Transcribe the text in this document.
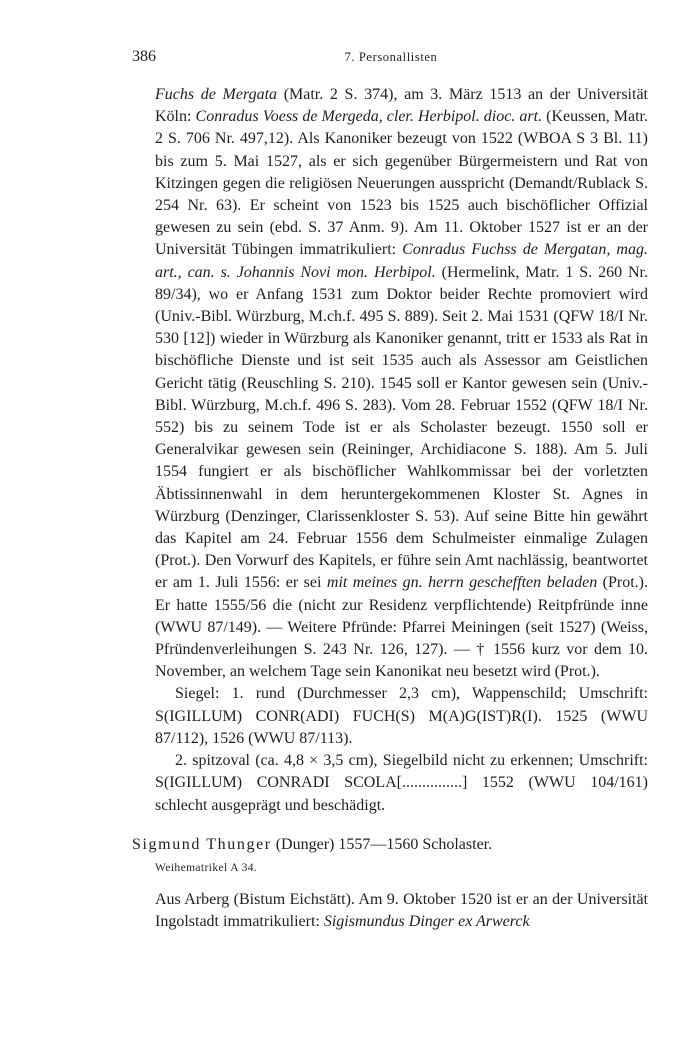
386	7. Personallisten

Fuchs de Mergata (Matr. 2 S. 374), am 3. März 1513 an der Universität Köln: Conradus Voess de Mergeda, cler. Herbipol. dioc. art. (Keussen, Matr. 2 S. 706 Nr. 497,12). Als Kanoniker bezeugt von 1522 (WBOA S 3 Bl. 11) bis zum 5. Mai 1527, als er sich gegenüber Bürgermeistern und Rat von Kitzingen gegen die religiösen Neuerungen ausspricht (Demandt/Rublack S. 254 Nr. 63). Er scheint von 1523 bis 1525 auch bischöflicher Offizial gewesen zu sein (ebd. S. 37 Anm. 9). Am 11. Oktober 1527 ist er an der Universität Tübingen immatrikuliert: Conradus Fuchss de Mergatan, mag. art., can. s. Johannis Novi mon. Herbipol. (Hermelink, Matr. 1 S. 260 Nr. 89/34), wo er Anfang 1531 zum Doktor beider Rechte promoviert wird (Univ.-Bibl. Würzburg, M.ch.f. 495 S. 889). Seit 2. Mai 1531 (QFW 18/I Nr. 530 [12]) wieder in Würzburg als Kanoniker genannt, tritt er 1533 als Rat in bischöfliche Dienste und ist seit 1535 auch als Assessor am Geistlichen Gericht tätig (Reuschling S. 210). 1545 soll er Kantor gewesen sein (Univ.-Bibl. Würzburg, M.ch.f. 496 S. 283). Vom 28. Februar 1552 (QFW 18/I Nr. 552) bis zu seinem Tode ist er als Scholaster bezeugt. 1550 soll er Generalvikar gewesen sein (Reininger, Archidiacone S. 188). Am 5. Juli 1554 fungiert er als bischöflicher Wahlkommissar bei der vorletzten Äbtissinnenwahl in dem heruntergekommenen Kloster St. Agnes in Würzburg (Denzinger, Clarissenkloster S. 53). Auf seine Bitte hin gewährt das Kapitel am 24. Februar 1556 dem Schulmeister einmalige Zulagen (Prot.). Den Vorwurf des Kapitels, er führe sein Amt nachlässig, beantwortet er am 1. Juli 1556: er sei mit meines gn. herrn geschefften beladen (Prot.). Er hatte 1555/56 die (nicht zur Residenz verpflichtende) Reitpfründe inne (WWU 87/149). — Weitere Pfründe: Pfarrei Meiningen (seit 1527) (Weiss, Pfründenverleihungen S. 243 Nr. 126, 127). — † 1556 kurz vor dem 10. November, an welchem Tage sein Kanonikat neu besetzt wird (Prot.).

Siegel: 1. rund (Durchmesser 2,3 cm), Wappenschild; Umschrift: S(IGILLUM) CONR(ADI) FUCH(S) M(A)G(IST)R(I). 1525 (WWU 87/112), 1526 (WWU 87/113).

2. spitzoval (ca. 4,8 × 3,5 cm), Siegelbild nicht zu erkennen; Umschrift: S(IGILLUM) CONRADI SCOLA[...............] 1552 (WWU 104/161) schlecht ausgeprägt und beschädigt.

Sigmund Thunger (Dunger) 1557—1560 Scholaster.
Weihematrikel A 34.

Aus Arberg (Bistum Eichstätt). Am 9. Oktober 1520 ist er an der Universität Ingolstadt immatrikuliert: Sigismundus Dinger ex Arwerck
